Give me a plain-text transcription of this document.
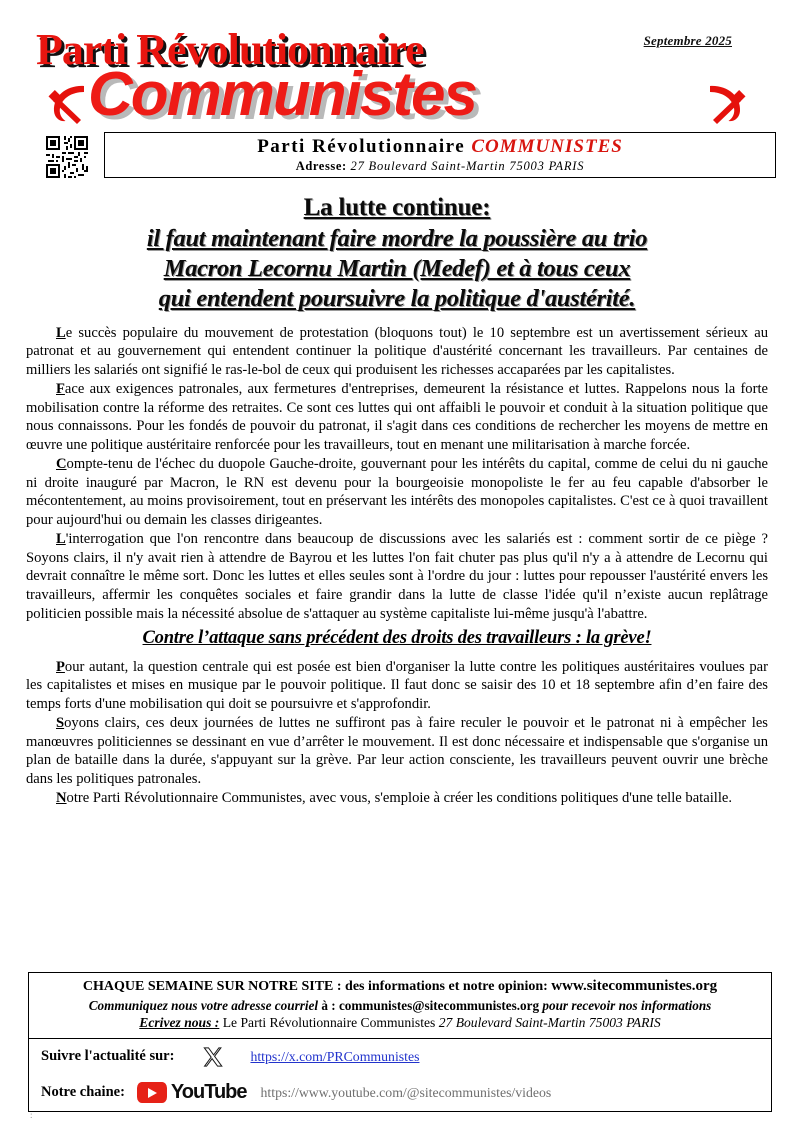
Septembre 2025
Parti Révolutionnaire
Communistes
Parti Révolutionnaire COMMUNISTES
Adresse: 27 Boulevard Saint-Martin 75003 PARIS
La lutte continue:
il faut maintenant faire mordre la poussière au trio
Macron Lecornu Martin (Medef) et à tous ceux
qui entendent poursuivre la politique d'austérité.

Le succès populaire du mouvement de protestation (bloquons tout) le 10 septembre est un avertissement sérieux au patronat et au gouvernement qui entendent continuer la politique d'austérité concernant les travailleurs. Par centaines de milliers les salariés ont signifié le ras-le-bol de ceux qui produisent les richesses accaparées par les capitalistes.

Face aux exigences patronales, aux fermetures d'entreprises, demeurent la résistance et luttes. Rappelons nous la forte mobilisation contre la réforme des retraites. Ce sont ces luttes qui ont affaibli le pouvoir et conduit à la situation politique que nous connaissons. Pour les fondés de pouvoir du patronat, il s'agit dans ces conditions de rechercher les moyens de mettre en œuvre une politique austéritaire renforcée pour les travailleurs, tout en menant une militarisation à marche forcée.

Compte-tenu de l'échec du duopole Gauche-droite, gouvernant pour les intérêts du capital, comme de celui du ni gauche ni droite inauguré par Macron, le RN est devenu pour la bourgeoisie monopoliste le fer au feu capable d'absorber le mécontentement, au moins provisoirement, tout en préservant les intérêts des monopoles capitalistes. C'est ce à quoi travaillent pour aujourd'hui ou demain les classes dirigeantes.

L'interrogation que l'on rencontre dans beaucoup de discussions avec les salariés est : comment sortir de ce piège ? Soyons clairs, il n'y avait rien à attendre de Bayrou et les luttes l'on fait chuter pas plus qu'il n'y a à attendre de Lecornu qui devrait connaître le même sort. Donc les luttes et elles seules sont à l'ordre du jour : luttes pour repousser l'austérité envers les travailleurs, affermir les conquêtes sociales et faire grandir dans la lutte de classe l'idée qu'il n’existe aucun replâtrage politicien possible mais la nécessité absolue de s'attaquer au système capitaliste lui-même jusqu'à l'abattre.

Contre l’attaque sans précédent des droits des travailleurs : la grève!

Pour autant, la question centrale qui est posée est bien d'organiser la lutte contre les politiques austéritaires voulues par les capitalistes et mises en musique par le pouvoir politique. Il faut donc se saisir des 10 et 18 septembre afin d’en faire des temps forts d'une mobilisation qui doit se poursuivre et s'approfondir.

Soyons clairs, ces deux journées de luttes ne suffiront pas à faire reculer le pouvoir et le patronat ni à empêcher les manœuvres politiciennes se dessinant en vue d’arrêter le mouvement. Il est donc nécessaire et indispensable que s'organise un plan de bataille dans la durée, s'appuyant sur la grève. Par leur action consciente, les travailleurs peuvent ouvrir une brèche dans les politiques patronales.

Notre Parti Révolutionnaire Communistes, avec vous, s'emploie à créer les conditions politiques d'une telle bataille.

CHAQUE SEMAINE SUR NOTRE SITE : des informations et notre opinion: www.sitecommunistes.org
Communiquez nous votre adresse courriel à : communistes@sitecommunistes.org pour recevoir nos informations
Ecrivez nous : Le Parti Révolutionnaire Communistes 27 Boulevard Saint-Martin 75003 PARIS
Suivre l'actualité sur:	https://x.com/PRCommunistes
Notre chaine: YouTube https://www.youtube.com/@sitecommunistes/videos
:
